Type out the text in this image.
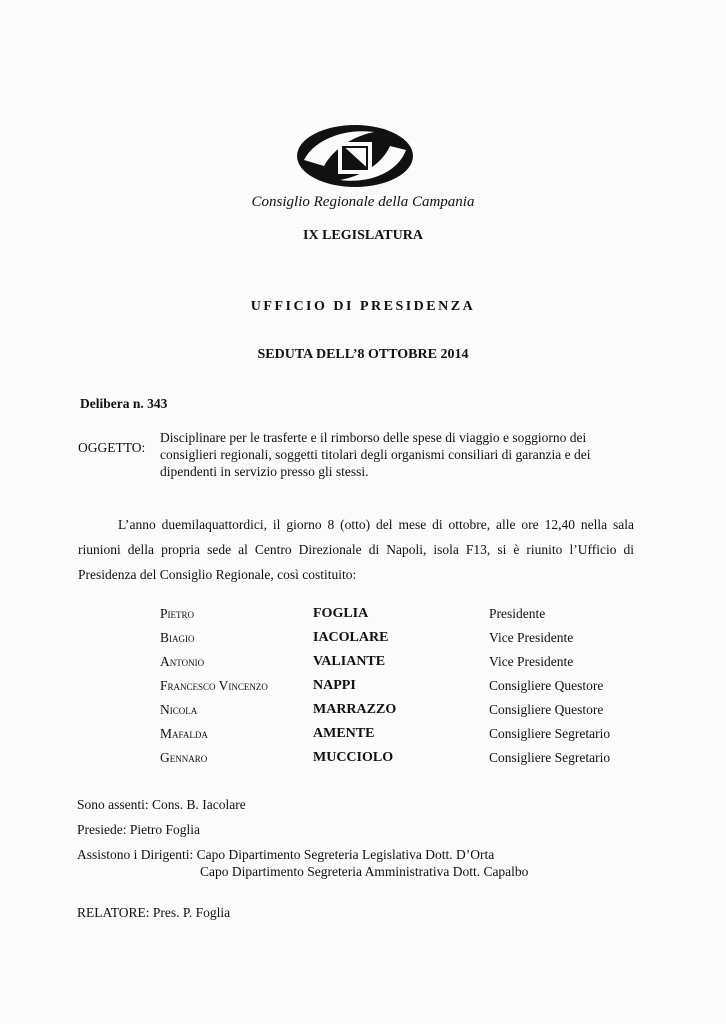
Consiglio Regionale della Campania
IX LEGISLATURA
UFFICIO DI PRESIDENZA
SEDUTA DELL’8 OTTOBRE 2014
Delibera n. 343
OGGETTO:
Disciplinare per le trasferte e il rimborso delle spese di viaggio e soggiorno dei consiglieri regionali, soggetti titolari degli organismi consiliari di garanzia e dei dipendenti in servizio presso gli stessi.
L’anno duemilaquattordici, il giorno 8 (otto) del mese di ottobre, alle ore 12,40 nella sala riunioni della propria sede al Centro Direzionale di Napoli, isola F13, si è riunito l’Ufficio di Presidenza del Consiglio Regionale, così costituito:
Pietro	FOGLIA	Presidente
Biagio	IACOLARE	Vice Presidente
Antonio	VALIANTE	Vice Presidente
Francesco Vincenzo	NAPPI	Consigliere Questore
Nicola	MARRAZZO	Consigliere Questore
Mafalda	AMENTE	Consigliere Segretario
Gennaro	MUCCIOLO	Consigliere Segretario
Sono assenti: Cons. B. Iacolare
Presiede: Pietro Foglia
Assistono i Dirigenti: Capo Dipartimento Segreteria Legislativa Dott. D’Orta
Capo Dipartimento Segreteria Amministrativa Dott. Capalbo
RELATORE: Pres. P. Foglia
